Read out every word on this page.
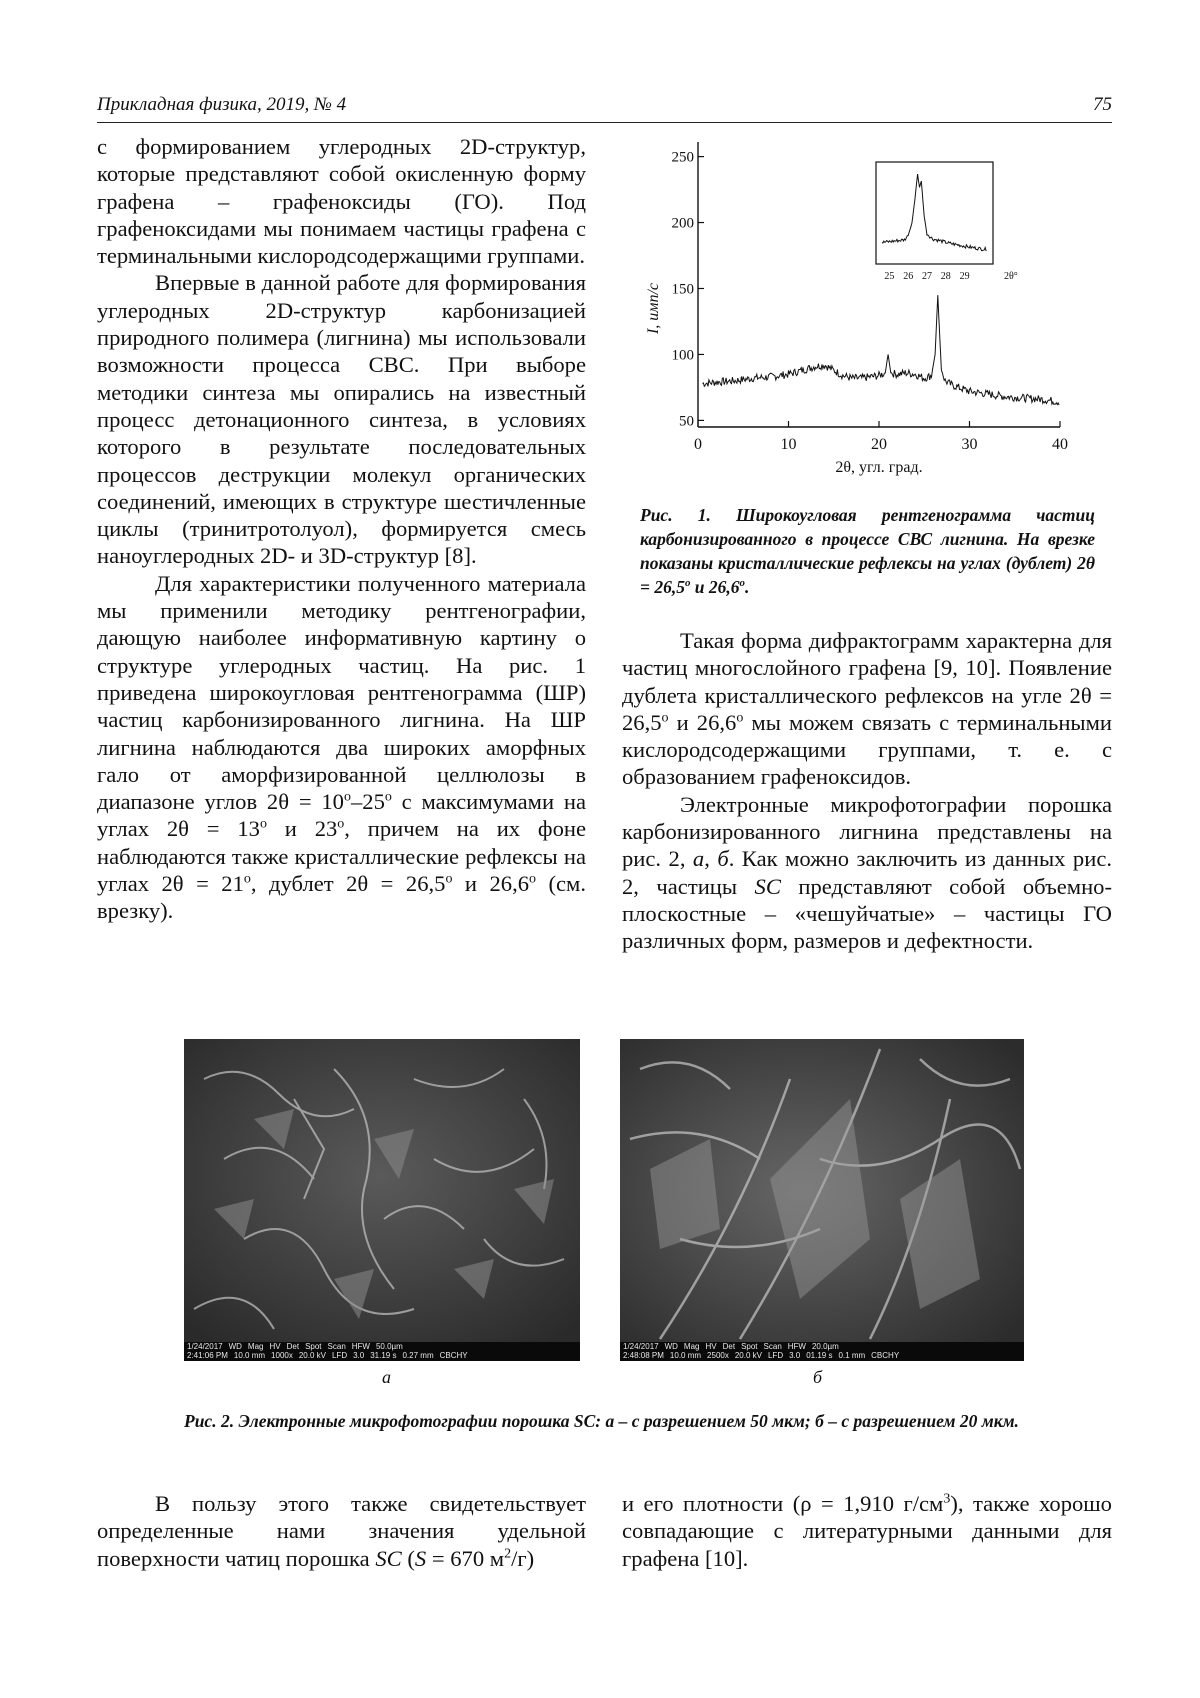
Прикладная физика, 2019, № 4	75

с формированием углеродных 2D-структур, которые представляют собой окисленную форму графена – графеноксиды (ГО). Под графеноксидами мы понимаем частицы графена с терминальными кислородсодержащими группами.

Впервые в данной работе для формирования углеродных 2D-структур карбонизацией природного полимера (лигнина) мы использовали возможности процесса СВС. При выборе методики синтеза мы опирались на известный процесс детонационного синтеза, в условиях которого в результате последовательных процессов деструкции молекул органических соединений, имеющих в структуре шестичленные циклы (тринитротолуол), формируется смесь наноуглеродных 2D- и 3D-структур [8].

Для характеристики полученного материала мы применили методику рентгенографии, дающую наиболее информативную картину о структуре углеродных частиц. На рис. 1 приведена широкоугловая рентгенограмма (ШР) частиц карбонизированного лигнина. На ШР лигнина наблюдаются два широких аморфных гало от аморфизированной целлюлозы в диапазоне углов $2\theta = 10^o-25^o$ с максимумами на углах $2\theta = 13^o$ и 23$^o$, причем на их фоне наблюдаются также кристаллические рефлексы на углах $2\theta = 21^o$, дублет $2\theta = 26,5^o$ и 26,6$^o$ (см. врезку).

50
100
150
200
250
0	10	20	30	40
2θ, угл. град.
I, имп/с
25 26 27 28 29	2θ°
Рис. 1. Широкоугловая рентгенограмма частиц карбонизированного в процессе СВС лигнина. На врезке показаны кристаллические рефлексы на углах (дублет) $2\theta = 26,5^o$ и 26,6$^o$.

Такая форма дифрактограмм характерна для частиц многослойного графена [9, 10]. Появление дублета кристаллического рефлексов на угле $2\theta = 26,5^o$ и 26,6$^o$ мы можем связать с терминальными кислородсодержащими группами, т. е. с образованием графеноксидов.

Электронные микрофотографии порошка карбонизированного лигнина представлены на рис. 2, а, б. Как можно заключить из данных рис. 2, частицы SC представляют собой объемно-плоскостные – «чешуйчатые» – частицы ГО различных форм, размеров и дефектности.

1/24/2017 WD Mag HV Det Spot Scan HFW 50.0µm
2:41:06 PM 10.0 mm 1000x 20.0 kV LFD 3.0 31.19 s 0.27 mm CBCHY
1/24/2017 WD Mag HV Det Spot Scan HFW 20.0µm
2:48:08 PM 10.0 mm 2500x 20.0 kV LFD 3.0 01.19 s 0.1 mm CBCHY
а	б
Рис. 2. Электронные микрофотографии порошка SC: а – с разрешением 50 мкм; б – с разрешением 20 мкм.

В пользу этого также свидетельствует определенные нами значения удельной поверхности чатиц порошка SC (S = 670 $м^2/г$)

и его плотности (ρ = 1,910 $г/см^3$), также хорошо совпадающие с литературными данными для графена [10].
